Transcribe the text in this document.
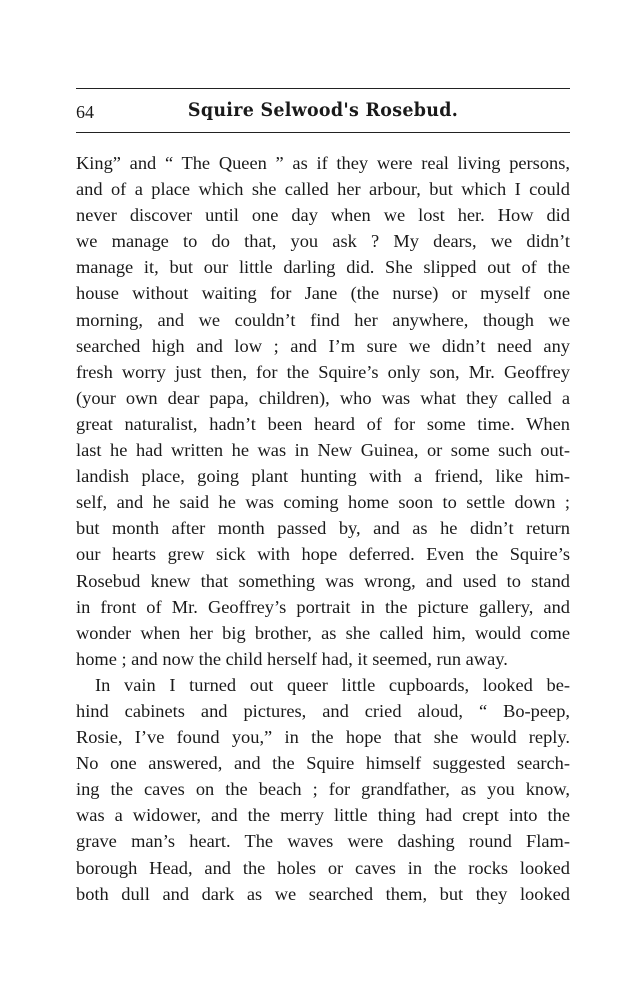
64	Squire Selwood's Rosebud.
King” and “ The Queen ” as if they were real living persons,
and of a place which she called her arbour, but which I could
never discover until one day when we lost her. How did
we manage to do that, you ask ? My dears, we didn’t
manage it, but our little darling did. She slipped out of the
house without waiting for Jane (the nurse) or myself one
morning, and we couldn’t find her anywhere, though we
searched high and low ; and I’m sure we didn’t need any
fresh worry just then, for the Squire’s only son, Mr. Geoffrey
(your own dear papa, children), who was what they called a
great naturalist, hadn’t been heard of for some time. When
last he had written he was in New Guinea, or some such out-
landish place, going plant hunting with a friend, like him-
self, and he said he was coming home soon to settle down ;
but month after month passed by, and as he didn’t return
our hearts grew sick with hope deferred. Even the Squire’s
Rosebud knew that something was wrong, and used to stand
in front of Mr. Geoffrey’s portrait in the picture gallery, and
wonder when her big brother, as she called him, would come
home ; and now the child herself had, it seemed, run away.
In vain I turned out queer little cupboards, looked be-
hind cabinets and pictures, and cried aloud, “ Bo-peep,
Rosie, I’ve found you,” in the hope that she would reply.
No one answered, and the Squire himself suggested search-
ing the caves on the beach ; for grandfather, as you know,
was a widower, and the merry little thing had crept into the
grave man’s heart. The waves were dashing round Flam-
borough Head, and the holes or caves in the rocks looked
both dull and dark as we searched them, but they looked
